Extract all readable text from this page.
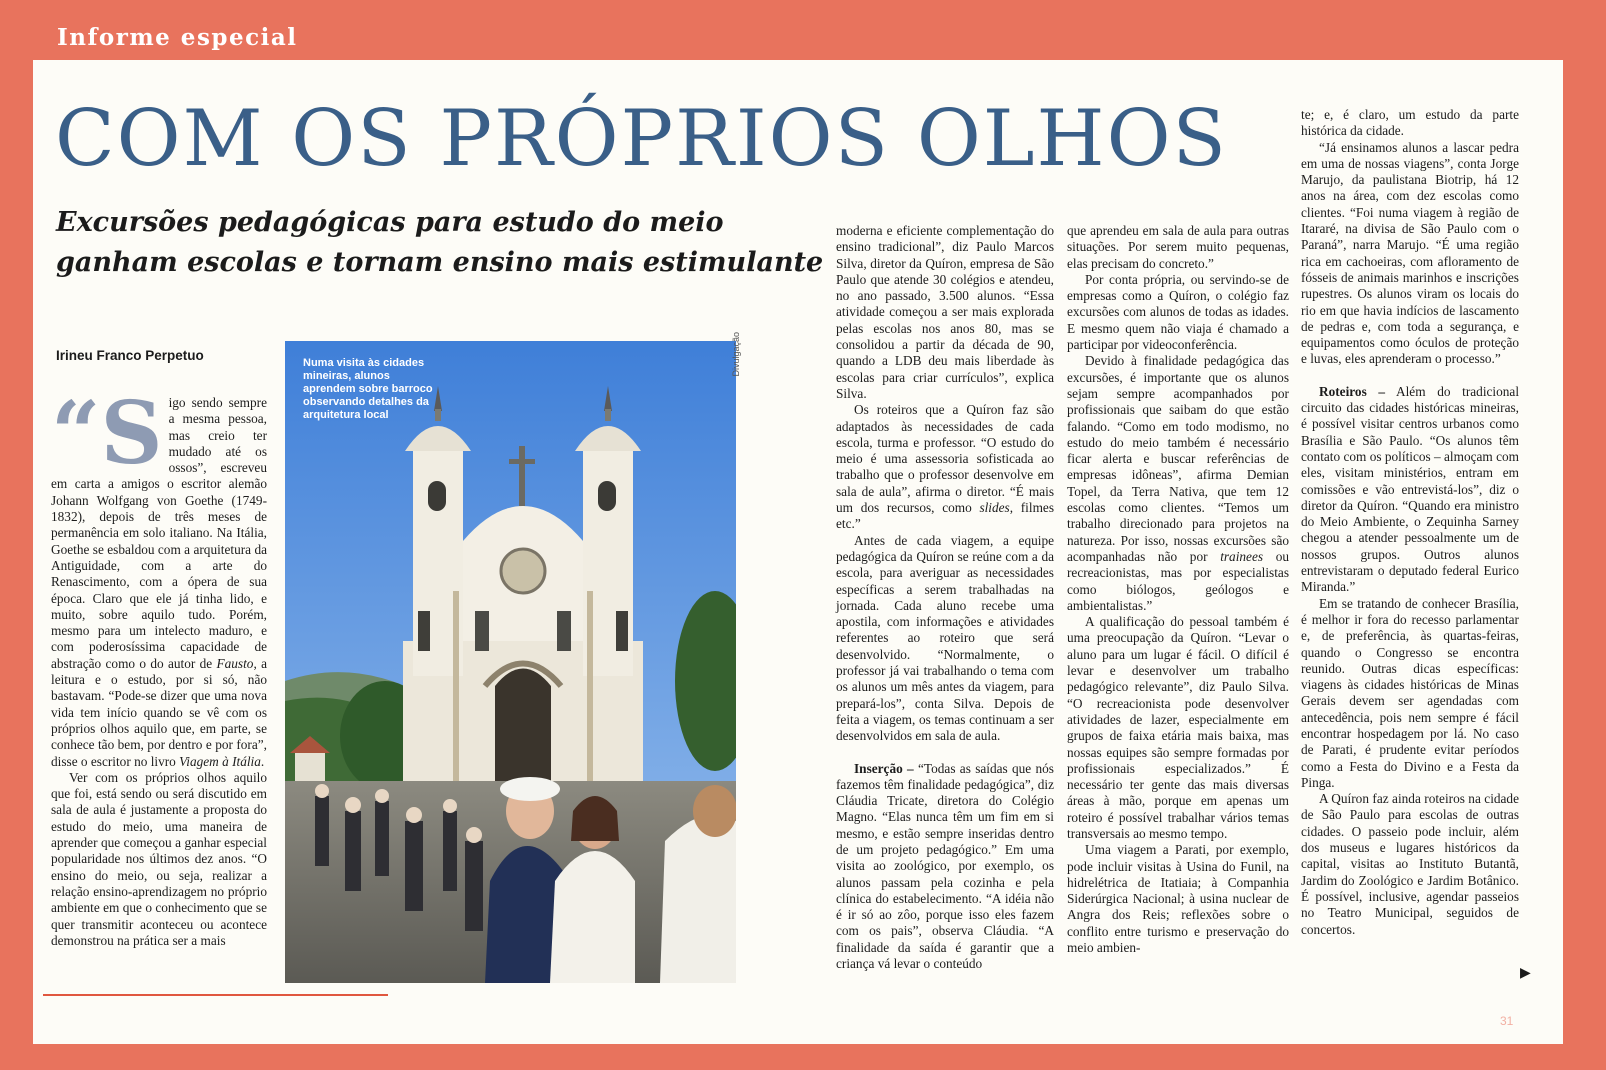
Informe especial
COM OS PRÓPRIOS OLHOS
Excursões pedagógicas para estudo do meio
ganham escolas e tornam ensino mais estimulante
Irineu Franco Perpetuo

“Sigo sendo sempre a mesma pessoa, mas creio ter mudado até os ossos”, escreveu em carta a amigos o escritor alemão Johann Wolfgang von Goethe (1749-1832), depois de três meses de permanência em solo italiano. Na Itália, Goethe se esbaldou com a arquitetura da Antiguidade, com a arte do Renascimento, com a ópera de sua época. Claro que ele já tinha lido, e muito, sobre aquilo tudo. Porém, mesmo para um intelecto maduro, e com poderosíssima capacidade de abstração como o do autor de Fausto, a leitura e o estudo, por si só, não bastavam. “Pode-se dizer que uma nova vida tem início quando se vê com os próprios olhos aquilo que, em parte, se conhece tão bem, por dentro e por fora”, disse o escritor no livro Viagem à Itália.

Ver com os próprios olhos aquilo que foi, está sendo ou será discutido em sala de aula é justamente a proposta do estudo do meio, uma maneira de aprender que começou a ganhar especial popularidade nos últimos dez anos. “O ensino do meio, ou seja, realizar a relação ensino-aprendizagem no próprio ambiente em que o conhecimento que se quer transmitir aconteceu ou acontece demonstrou na prática ser a mais

Numa visita às cidades mineiras, alunos aprendem sobre barroco observando detalhes da arquitetura local
Divulgação

moderna e eficiente complementação do ensino tradicional”, diz Paulo Marcos Silva, diretor da Quíron, empresa de São Paulo que atende 30 colégios e atendeu, no ano passado, 3.500 alunos. “Essa atividade começou a ser mais explorada pelas escolas nos anos 80, mas se consolidou a partir da década de 90, quando a LDB deu mais liberdade às escolas para criar currículos”, explica Silva.

Os roteiros que a Quíron faz são adaptados às necessidades de cada escola, turma e professor. “O estudo do meio é uma assessoria sofisticada ao trabalho que o professor desenvolve em sala de aula”, afirma o diretor. “É mais um dos recursos, como slides, filmes etc.”

Antes de cada viagem, a equipe pedagógica da Quíron se reúne com a da escola, para averiguar as necessidades específicas a serem trabalhadas na jornada. Cada aluno recebe uma apostila, com informações e atividades referentes ao roteiro que será desenvolvido. “Normalmente, o professor já vai trabalhando o tema com os alunos um mês antes da viagem, para prepará-los”, conta Silva. Depois de feita a viagem, os temas continuam a ser desenvolvidos em sala de aula.

Inserção – “Todas as saídas que nós fazemos têm finalidade pedagógica”, diz Cláudia Tricate, diretora do Colégio Magno. “Elas nunca têm um fim em si mesmo, e estão sempre inseridas dentro de um projeto pedagógico.” Em uma visita ao zoológico, por exemplo, os alunos passam pela cozinha e pela clínica do estabelecimento. “A idéia não é ir só ao zôo, porque isso eles fazem com os pais”, observa Cláudia. “A finalidade da saída é garantir que a criança vá levar o conteúdo

que aprendeu em sala de aula para outras situações. Por serem muito pequenas, elas precisam do concreto.”

Por conta própria, ou servindo-se de empresas como a Quíron, o colégio faz excursões com alunos de todas as idades. E mesmo quem não viaja é chamado a participar por videoconferência.

Devido à finalidade pedagógica das excursões, é importante que os alunos sejam sempre acompanhados por profissionais que saibam do que estão falando. “Como em todo modismo, no estudo do meio também é necessário ficar alerta e buscar referências de empresas idôneas”, afirma Demian Topel, da Terra Nativa, que tem 12 escolas como clientes. “Temos um trabalho direcionado para projetos na natureza. Por isso, nossas excursões são acompanhadas não por trainees ou recreacionistas, mas por especialistas como biólogos, geólogos e ambientalistas.”

A qualificação do pessoal também é uma preocupação da Quíron. “Levar o aluno para um lugar é fácil. O difícil é levar e desenvolver um trabalho pedagógico relevante”, diz Paulo Silva. “O recreacionista pode desenvolver atividades de lazer, especialmente em grupos de faixa etária mais baixa, mas nossas equipes são sempre formadas por profissionais especializados.” É necessário ter gente das mais diversas áreas à mão, porque em apenas um roteiro é possível trabalhar vários temas transversais ao mesmo tempo.

Uma viagem a Parati, por exemplo, pode incluir visitas à Usina do Funil, na hidrelétrica de Itatiaia; à Companhia Siderúrgica Nacional; à usina nuclear de Angra dos Reis; reflexões sobre o conflito entre turismo e preservação do meio ambien-

te; e, é claro, um estudo da parte histórica da cidade.

“Já ensinamos alunos a lascar pedra em uma de nossas viagens”, conta Jorge Marujo, da paulistana Biotrip, há 12 anos na área, com dez escolas como clientes. “Foi numa viagem à região de Itararé, na divisa de São Paulo com o Paraná”, narra Marujo. “É uma região rica em cachoeiras, com afloramento de fósseis de animais marinhos e inscrições rupestres. Os alunos viram os locais do rio em que havia indícios de lascamento de pedras e, com toda a segurança, e equipamentos como óculos de proteção e luvas, eles aprenderam o processo.”

Roteiros – Além do tradicional circuito das cidades históricas mineiras, é possível visitar centros urbanos como Brasília e São Paulo. “Os alunos têm contato com os políticos – almoçam com eles, visitam ministérios, entram em comissões e vão entrevistá-los”, diz o diretor da Quíron. “Quando era ministro do Meio Ambiente, o Zequinha Sarney chegou a atender pessoalmente um de nossos grupos. Outros alunos entrevistaram o deputado federal Eurico Miranda.”

Em se tratando de conhecer Brasília, é melhor ir fora do recesso parlamentar e, de preferência, às quartas-feiras, quando o Congresso se encontra reunido. Outras dicas específicas: viagens às cidades históricas de Minas Gerais devem ser agendadas com antecedência, pois nem sempre é fácil encontrar hospedagem por lá. No caso de Parati, é prudente evitar períodos como a Festa do Divino e a Festa da Pinga.

A Quíron faz ainda roteiros na cidade de São Paulo para escolas de outras cidades. O passeio pode incluir, além dos museus e lugares históricos da capital, visitas ao Instituto Butantã, Jardim do Zoológico e Jardim Botânico. É possível, inclusive, agendar passeios no Teatro Municipal, seguidos de concertos.

▶
31
